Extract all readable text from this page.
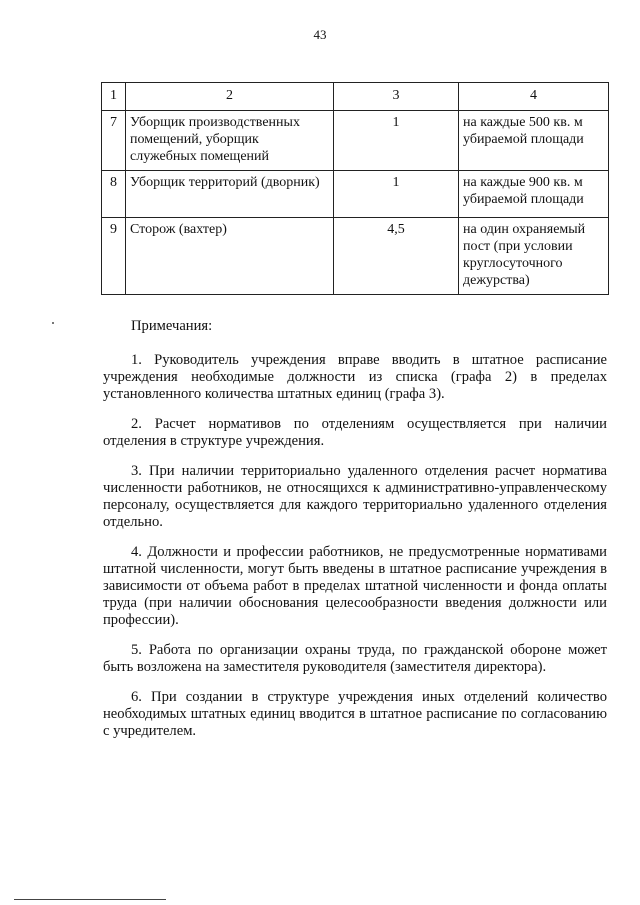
43
1	2	3	4
7	Уборщик производственных помещений, уборщик служебных помещений	1	на каждые 500 кв. м убираемой площади
8	Уборщик территорий (дворник)	1	на каждые 900 кв. м убираемой площади
9	Сторож (вахтер)	4,5	на один охраняемый пост (при условии круглосуточного дежурства)

Примечания:

1. Руководитель учреждения вправе вводить в штатное расписание учреждения необходимые должности из списка (графа 2) в пределах установленного количества штатных единиц (графа 3).

2. Расчет нормативов по отделениям осуществляется при наличии отделения в структуре учреждения.

3. При наличии территориально удаленного отделения расчет норматива численности работников, не относящихся к административно-управленческому персоналу, осуществляется для каждого территориально удаленного отделения отдельно.

4. Должности и профессии работников, не предусмотренные нормативами штатной численности, могут быть введены в штатное расписание учреждения в зависимости от объема работ в пределах штатной численности и фонда оплаты труда (при наличии обоснования целесообразности введения должности или профессии).

5. Работа по организации охраны труда, по гражданской обороне может быть возложена на заместителя руководителя (заместителя директора).

6. При создании в структуре учреждения иных отделений количество необходимых штатных единиц вводится в штатное расписание по согласованию с учредителем.
